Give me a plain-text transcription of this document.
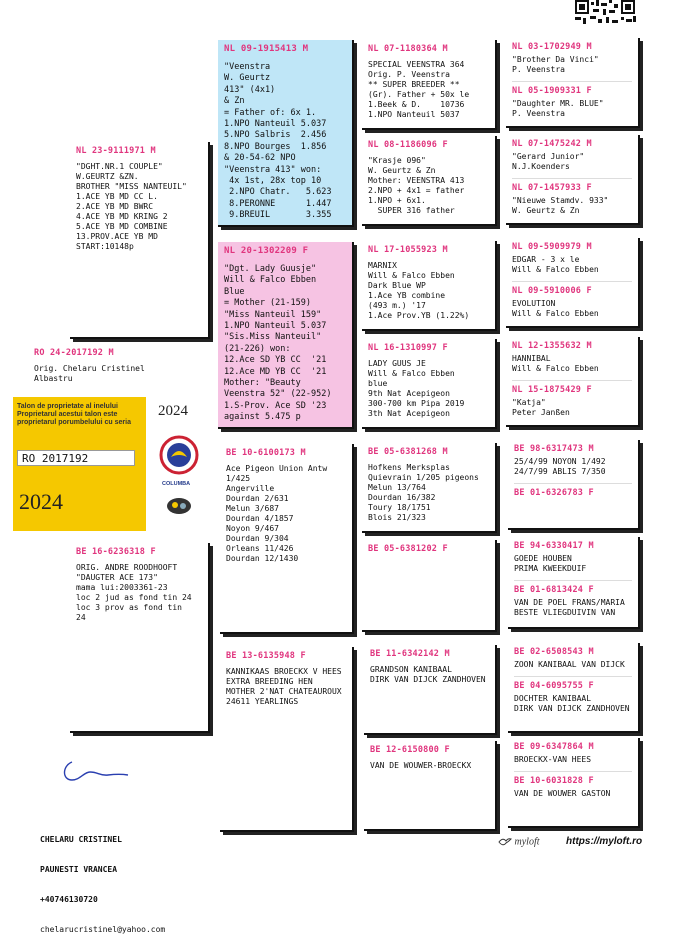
RO 24-2017192 M
Orig. Chelaru Cristinel
Albastru
Talon de proprietate al inelului
Proprietarul acestui talon este
proprietarul porumbelului cu seria
RO 2017192
2024
2024
COLUMBA
NL 23-9111971 M
"DGHT.NR.1 COUPLE"
W.GEURTZ &ZN.
BROTHER "MISS NANTEUIL"
1.ACE YB MD CC L.
2.ACE YB MD BWRC
4.ACE YB MD KRING 2
5.ACE YB MD COMBINE
13.PROV.ACE YB MD
START:10148p
BE 16-6236318 F
ORIG. ANDRE ROODHOOFT
"DAUGTER ACE 173"
mama lui:2003361-23
loc 2 jud as fond tin 24
loc 3 prov as fond tin
24
NL 09-1915413 M
"Veenstra
W. Geurtz
413" (4x1)
& Zn
= Father of: 6x 1.
1.NPO Nanteuil 5.037
5.NPO Salbris  2.456
8.NPO Bourges  1.856
& 20-54-62 NPO
"Veenstra 413" won:
4x 1st, 28x top 10
2.NPO Chatr.   5.623
8.PERONNE      1.447
9.BREUIL       3.355
NL 20-1302209 F
"Dgt. Lady Guusje"
Will & Falco Ebben
Blue
= Mother (21-159)
"Miss Nanteuil 159"
1.NPO Nanteuil 5.037
"Sis.Miss Nanteuil"
(21-226) won:
12.Ace SD YB CC  '21
12.Ace MD YB CC  '21
Mother: "Beauty
Veenstra 52" (22-952)
1.S-Prov. Ace SD '23
against 5.475 p
BE 10-6100173 M
Ace Pigeon Union Antw
1/425
Angerville
Dourdan 2/631
Melun 3/687
Dourdan 4/1857
Noyon 9/467
Dourdan 9/304
Orleans 11/426
Dourdan 12/1430
BE 13-6135948 F
KANNIKAAS BROECKX V HEES
EXTRA BREEDING HEN
MOTHER 2'NAT CHATEAUROUX
24611 YEARLINGS
NL 07-1180364 M
SPECIAL VEENSTRA 364
Orig. P. Veenstra
** SUPER BREEDER **
(Gr). Father + 50x le
1.Beek & D.    10736
1.NPO Nanteuil 5037
NL 08-1186096 F
"Krasje 096"
W. Geurtz & Zn
Mother: VEENSTRA 413
2.NPO + 4x1 = father
1.NPO + 6x1.
SUPER 316 father
NL 17-1055923 M
MARNIX
Will & Falco Ebben
Dark Blue WP
1.Ace YB combine
(493 m.) '17
1.Ace Prov.YB (1.22%)
NL 16-1310997 F
LADY GUUS JE
Will & Falco Ebben
blue
9th Nat Acepigeon
300-700 km Pipa 2019
3th Nat Acepigeon
BE 05-6381268 M
Hofkens Merksplas
Quievrain 1/205 pigeons
Melun 13/764
Dourdan 16/382
Toury 18/1751
Blois 21/323
BE 05-6381202 F
BE 11-6342142 M
GRANDSON KANIBAAL
DIRK VAN DIJCK ZANDHOVEN
BE 12-6150800 F
VAN DE WOUWER-BROECKX
NL 03-1702949 M
"Brother Da Vinci"
P. Veenstra
NL 05-1909331 F
"Daughter MR. BLUE"
P. Veenstra
NL 07-1475242 M
"Gerard Junior"
N.J.Koenders
NL 07-1457933 F
"Nieuwe Stamdv. 933"
W. Geurtz & Zn
NL 09-5909979 M
EDGAR - 3 x le
Will & Falco Ebben
NL 09-5910006 F
EVOLUTION
Will & Falco Ebben
NL 12-1355632 M
HANNIBAL
Will & Falco Ebben
NL 15-1875429 F
"Katja"
Peter Janßen
BE 98-6317473 M
25/4/99 NOYON 1/492
24/7/99 ABLIS 7/350
BE 01-6326783 F
BE 94-6330417 M
GOEDE HOUBEN
PRIMA KWEEKDUIF
BE 01-6813424 F
VAN DE POEL FRANS/MARIA
BESTE VLIEGDUIVIN VAN
BE 02-6508543 M
ZOON KANIBAAL VAN DIJCK
BE 04-6095755 F
DOCHTER KANIBAAL
DIRK VAN DIJCK ZANDHOVEN
BE 09-6347864 M
BROECKX-VAN HEES
BE 10-6031828 F
VAN DE WOUWER GASTON

CHELARU CRISTINEL

PAUNESTI VRANCEA

+40746130720

chelarucristinel@yahoo.com

myloft	https://myloft.ro
